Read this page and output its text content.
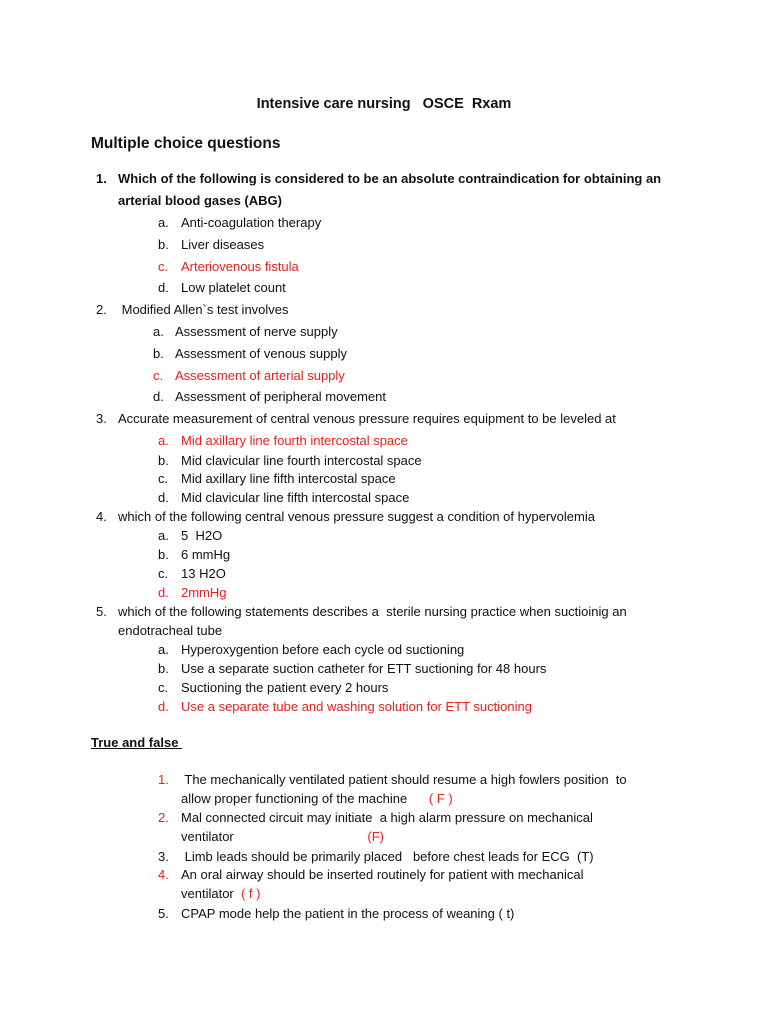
Intensive care nursing   OSCE  Rxam
Multiple choice questions
1. Which of the following is considered to be an absolute contraindication for obtaining an
arterial blood gases (ABG)
a. Anti-coagulation therapy
b. Liver diseases
c. Arteriovenous fistula
d. Low platelet count
2. Modified Allen`s test involves
a. Assessment of nerve supply
b. Assessment of venous supply
c. Assessment of arterial supply
d. Assessment of peripheral movement
3. Accurate measurement of central venous pressure requires equipment to be leveled at
a. Mid axillary line fourth intercostal space
b. Mid clavicular line fourth intercostal space
c. Mid axillary line fifth intercostal space
d. Mid clavicular line fifth intercostal space
4. which of the following central venous pressure suggest a condition of hypervolemia
a. 5  H2O
b. 6 mmHg
c. 13 H2O
d. 2mmHg
5. which of the following statements describes a  sterile nursing practice when suctioinig an
endotracheal tube
a. Hyperoxygention before each cycle od suctioning
b. Use a separate suction catheter for ETT suctioning for 48 hours
c. Suctioning the patient every 2 hours
d. Use a separate tube and washing solution for ETT suctioning
True and false
1. The mechanically ventilated patient should resume a high fowlers position  to
allow proper functioning of the machine      ( F )
2. Mal connected circuit may initiate  a high alarm pressure on mechanical
ventilator                                     (F)
3. Limb leads should be primarily placed   before chest leads for ECG  (T)
4. An oral airway should be inserted routinely for patient with mechanical
ventilator  ( f )
5. CPAP mode help the patient in the process of weaning ( t)
